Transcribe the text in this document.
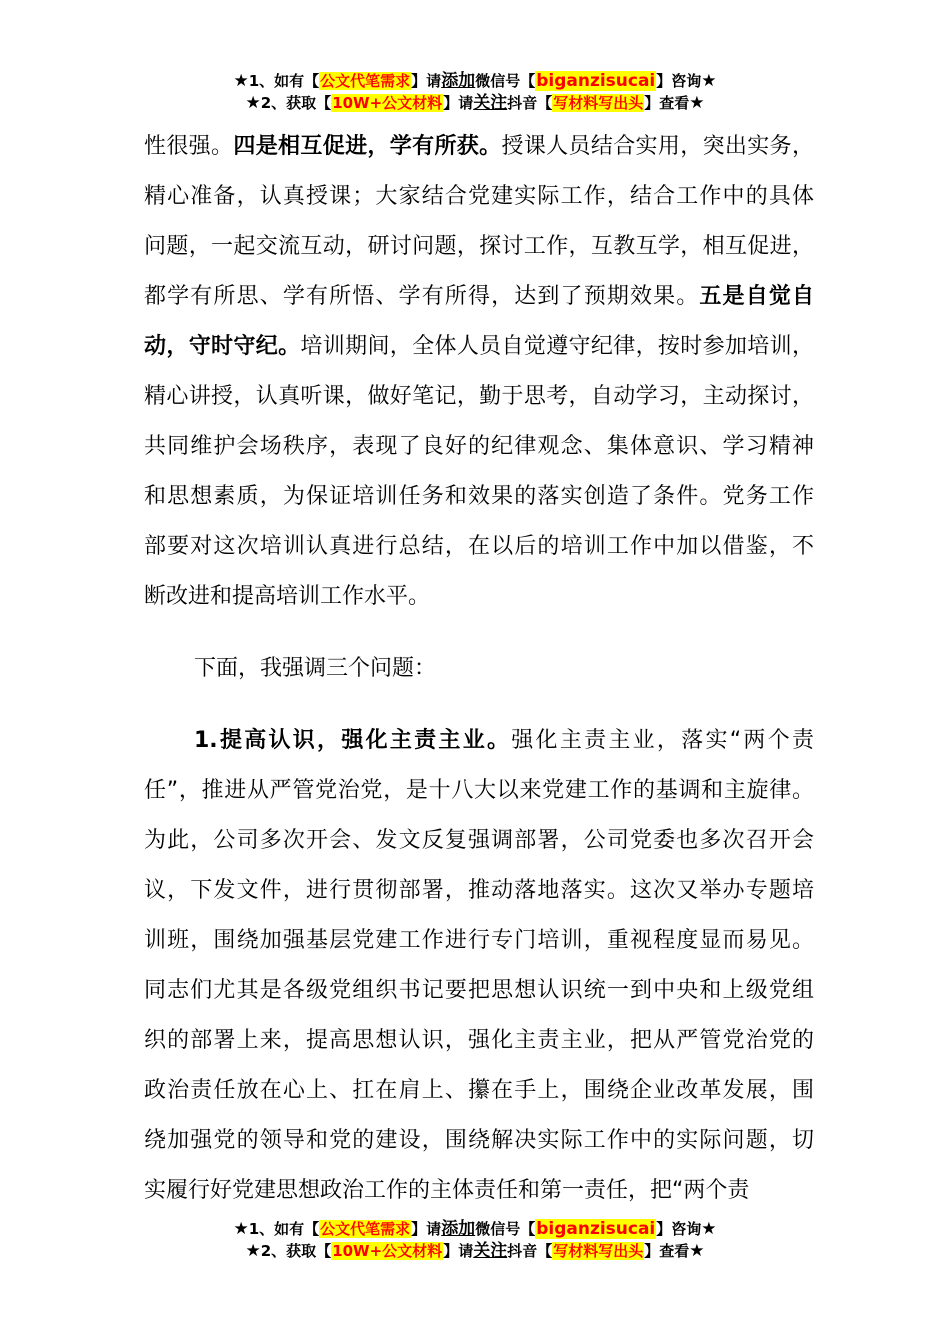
★1、如有【公文代笔需求】请添加微信号【biganzisucai】咨询★
★2、获取【10W+公文材料】请关注抖音【写材料写出头】查看★
性很强。四是相互促进，学有所获。授课人员结合实用，突出实务，
精心准备，认真授课；大家结合党建实际工作，结合工作中的具体
问题，一起交流互动，研讨问题，探讨工作，互教互学，相互促进，
都学有所思、学有所悟、学有所得，达到了预期效果。五是自觉自
动，守时守纪。培训期间，全体人员自觉遵守纪律，按时参加培训，
精心讲授，认真听课，做好笔记，勤于思考，自动学习，主动探讨，
共同维护会场秩序，表现了良好的纪律观念、集体意识、学习精神
和思想素质，为保证培训任务和效果的落实创造了条件。党务工作
部要对这次培训认真进行总结，在以后的培训工作中加以借鉴，不
断改进和提高培训工作水平。
下面，我强调三个问题：
1.提高认识，强化主责主业。强化主责主业，落实“两个责
任”，推进从严管党治党，是十八大以来党建工作的基调和主旋律。
为此，公司多次开会、发文反复强调部署，公司党委也多次召开会
议，下发文件，进行贯彻部署，推动落地落实。这次又举办专题培
训班，围绕加强基层党建工作进行专门培训，重视程度显而易见。
同志们尤其是各级党组织书记要把思想认识统一到中央和上级党组
织的部署上来，提高思想认识，强化主责主业，把从严管党治党的
政治责任放在心上、扛在肩上、攥在手上，围绕企业改革发展，围
绕加强党的领导和党的建设，围绕解决实际工作中的实际问题，切
实履行好党建思想政治工作的主体责任和第一责任，把“两个责
★1、如有【公文代笔需求】请添加微信号【biganzisucai】咨询★
★2、获取【10W+公文材料】请关注抖音【写材料写出头】查看★
